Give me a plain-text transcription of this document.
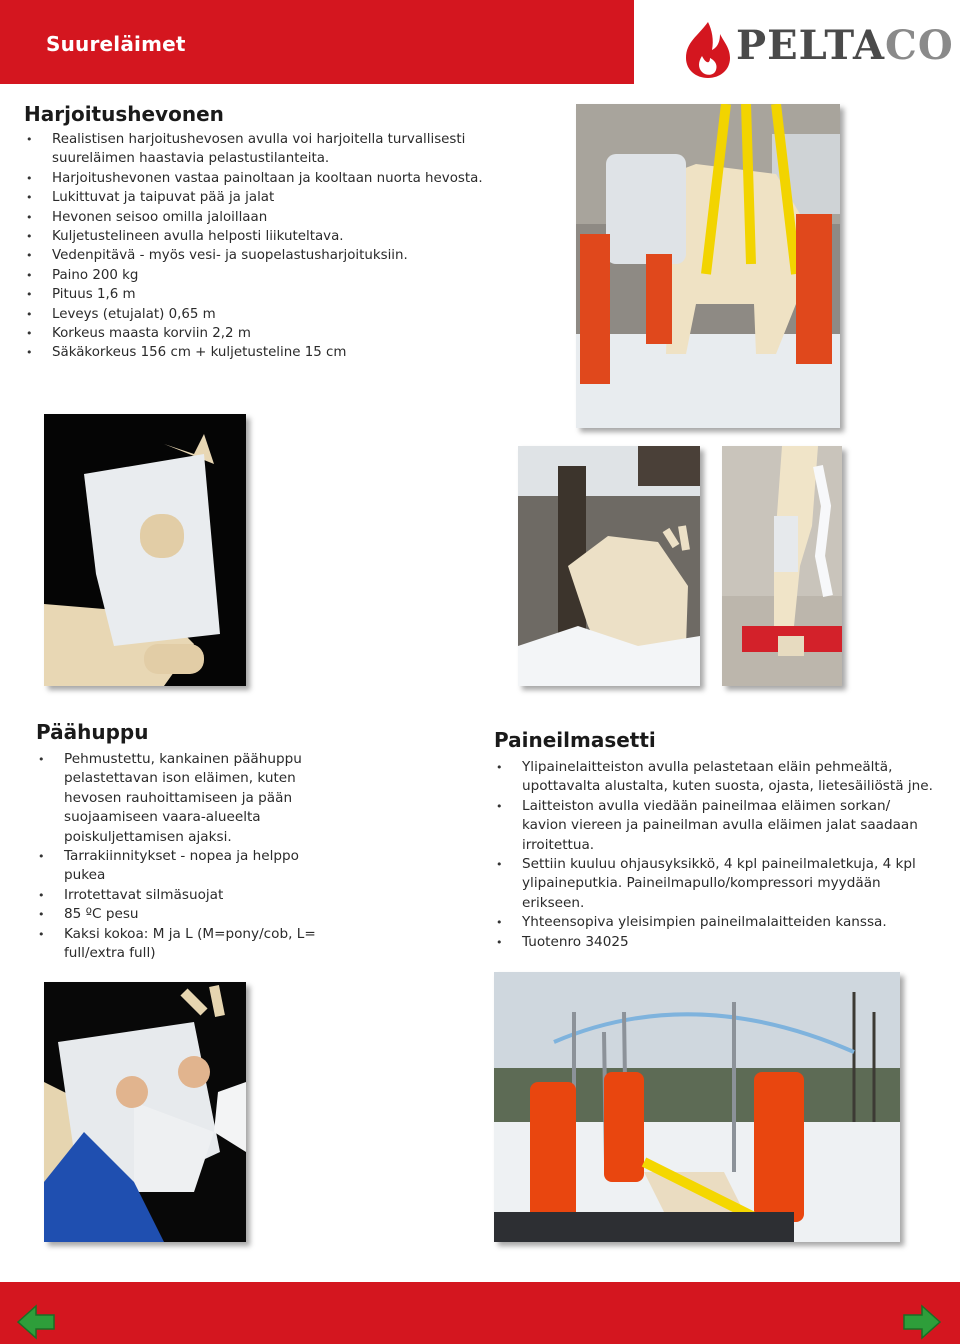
Suureläimet	PELTACO
Harjoitushevonen
• Realistisen harjoitushevosen avulla voi harjoitella turvallisesti suureläimen haastavia pelastustilanteita.
• Harjoitushevonen vastaa painoltaan ja kooltaan nuorta hevosta.
• Lukittuvat ja taipuvat pää ja jalat
• Hevonen seisoo omilla jaloillaan
• Kuljetustelineen avulla helposti liikuteltava.
• Vedenpitävä - myös vesi- ja suopelastusharjoituksiin.
• Paino 200 kg
• Pituus 1,6 m
• Leveys (etujalat) 0,65 m
• Korkeus maasta korviin 2,2 m
• Säkäkorkeus 156 cm + kuljetusteline 15 cm
Päähuppu
• Pehmustettu, kankainen päähuppu pelastettavan ison eläimen, kuten hevosen rauhoittamiseen ja pään suojaamiseen vaara-alueelta poiskuljettamisen ajaksi.
• Tarrakiinnitykset - nopea ja helppo pukea
• Irrotettavat silmäsuojat
• 85 ºC pesu
• Kaksi kokoa: M ja L (M=pony/cob, L= full/extra full)
Paineilmasetti
• Ylipainelaitteiston avulla pelastetaan eläin pehmeältä, upottavalta alustalta, kuten suosta, ojasta, lietesäiliöstä jne.
• Laitteiston avulla viedään paineilmaa eläimen sorkan/ kavion viereen ja paineilman avulla eläimen jalat saadaan irroitettua.
• Settiin kuuluu ohjausyksikkö, 4 kpl paineilmaletkuja, 4 kpl ylipaineputkia. Paineilmapullo/kompressori myydään erikseen.
• Yhteensopiva yleisimpien paineilmalaitteiden kanssa.
• Tuotenro 34025
